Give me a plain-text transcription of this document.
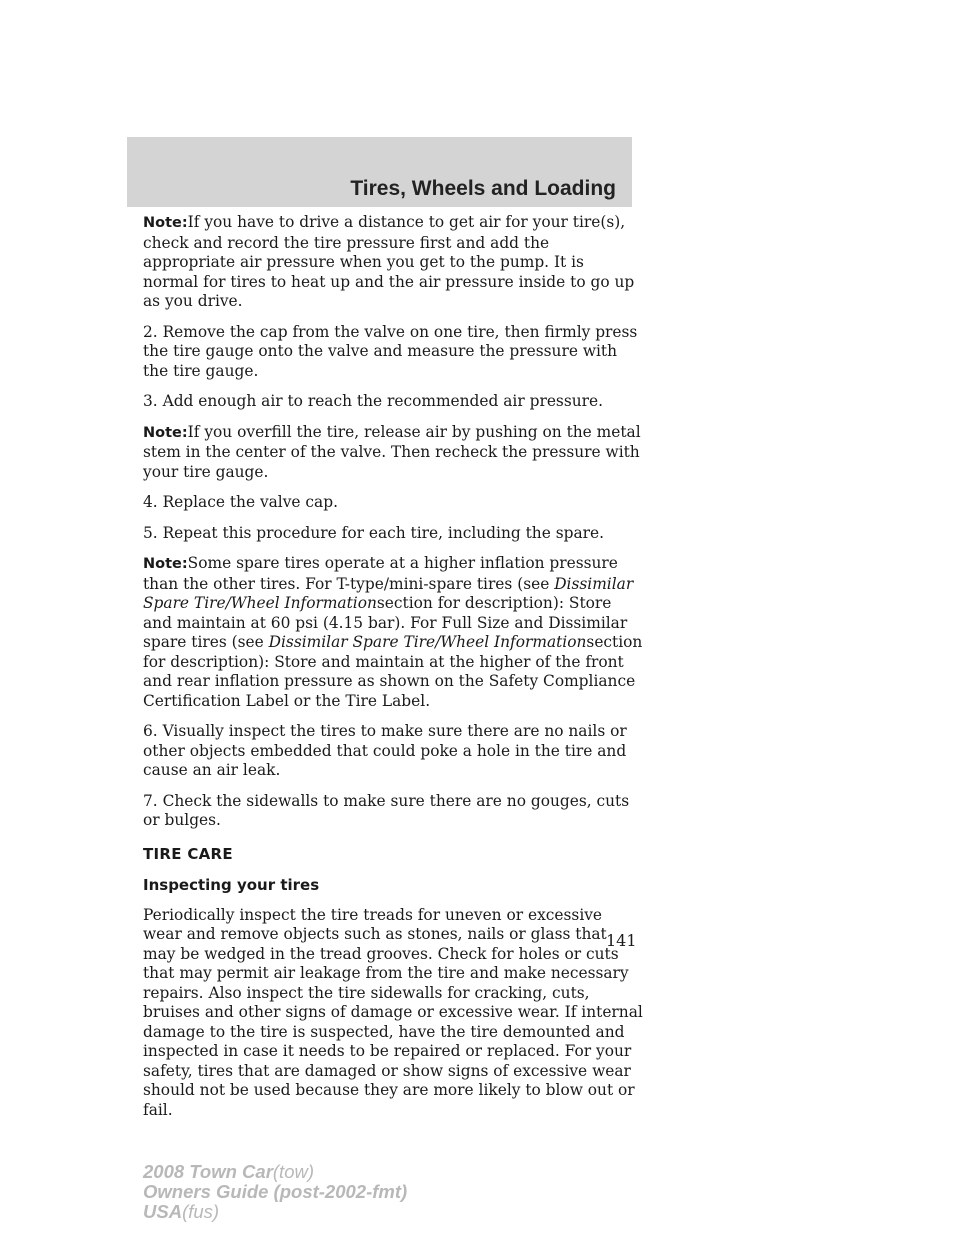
Tires, Wheels and Loading

Note:If you have to drive a distance to get air for your tire(s), check and record the tire pressure first and add the appropriate air pressure when you get to the pump. It is normal for tires to heat up and the air pressure inside to go up as you drive.

2. Remove the cap from the valve on one tire, then firmly press the tire gauge onto the valve and measure the pressure with the tire gauge.

3. Add enough air to reach the recommended air pressure.

Note:If you overfill the tire, release air by pushing on the metal stem in the center of the valve. Then recheck the pressure with your tire gauge.

4. Replace the valve cap.

5. Repeat this procedure for each tire, including the spare.

Note:Some spare tires operate at a higher inflation pressure than the other tires. For T-type/mini-spare tires (see Dissimilar Spare Tire/Wheel Informationsection for description): Store and maintain at 60 psi (4.15 bar). For Full Size and Dissimilar spare tires (see Dissimilar Spare Tire/Wheel Informationsection for description): Store and maintain at the higher of the front and rear inflation pressure as shown on the Safety Compliance Certification Label or the Tire Label.

6. Visually inspect the tires to make sure there are no nails or other objects embedded that could poke a hole in the tire and cause an air leak.

7. Check the sidewalls to make sure there are no gouges, cuts or bulges.

TIRE CARE
Inspecting your tires

Periodically inspect the tire treads for uneven or excessive wear and remove objects such as stones, nails or glass that may be wedged in the tread grooves. Check for holes or cuts that may permit air leakage from the tire and make necessary repairs. Also inspect the tire sidewalls for cracking, cuts, bruises and other signs of damage or excessive wear. If internal damage to the tire is suspected, have the tire demounted and inspected in case it needs to be repaired or replaced. For your safety, tires that are damaged or show signs of excessive wear should not be used because they are more likely to blow out or fail.

141
2008 Town Car(tow)
Owners Guide (post-2002-fmt)
USA(fus)
